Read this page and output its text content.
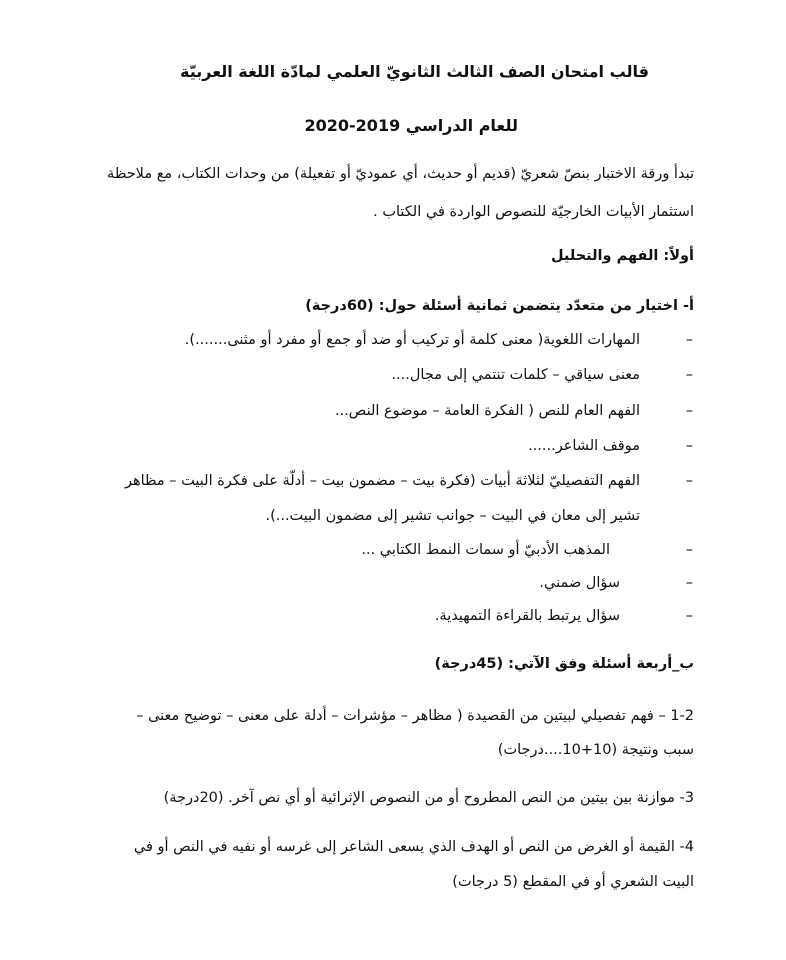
قالب امتحان الصف الثالث الثانويّ العلمي لمادّة اللغة العربيّة
للعام الدراسي 2019-2020
تبدأ ورقة الاختبار بنصّ شعريّ (قديم أو حديث، أي عموديّ أو تفعيلة) من وحدات الكتاب، مع ملاحظة
استثمار الأبيات الخارجيّة للنصوص الواردة في الكتاب .
أولاً: الفهم والتحليل
أ- اختيار من متعدّد يتضمن ثمانية أسئلة حول: (60درجة)
–
المهارات اللغوية( معنى كلمة أو تركيب أو ضد أو جمع أو مفرد أو مثنى.......).
–
معنى سياقي – كلمات تنتمي إلى مجال....
–
الفهم العام للنص ( الفكرة العامة – موضوع النص...
–
موقف الشاعر......
–
الفهم التفصيليّ لثلاثة أبيات (فكرة بيت – مضمون بيت – أدلّة على فكرة البيت – مظاهر
تشير إلى معان في البيت – جوانب تشير إلى مضمون البيت...).
–
المذهب الأدبيّ أو سمات النمط الكتابي ...
–
سؤال ضمني.
–
سؤال يرتبط بالقراءة التمهيدية.
ب_أربعة أسئلة وفق الآتي: (45درجة)
1-2 – فهم تفصيلي لبيتين من القصيدة ( مظاهر – مؤشرات – أدلة على معنى – توضيح معنى –
سبب ونتيجة (10+10....درجات)
3- موازنة بين بيتين من النص المطروح أو من النصوص الإثرائية أو أي نص آخر. (20درجة)
4- القيمة أو الغرض من النص أو الهدف الذي يسعى الشاعر إلى غرسه أو نفيه في النص أو في
البيت الشعري أو في المقطع (5 درجات)
